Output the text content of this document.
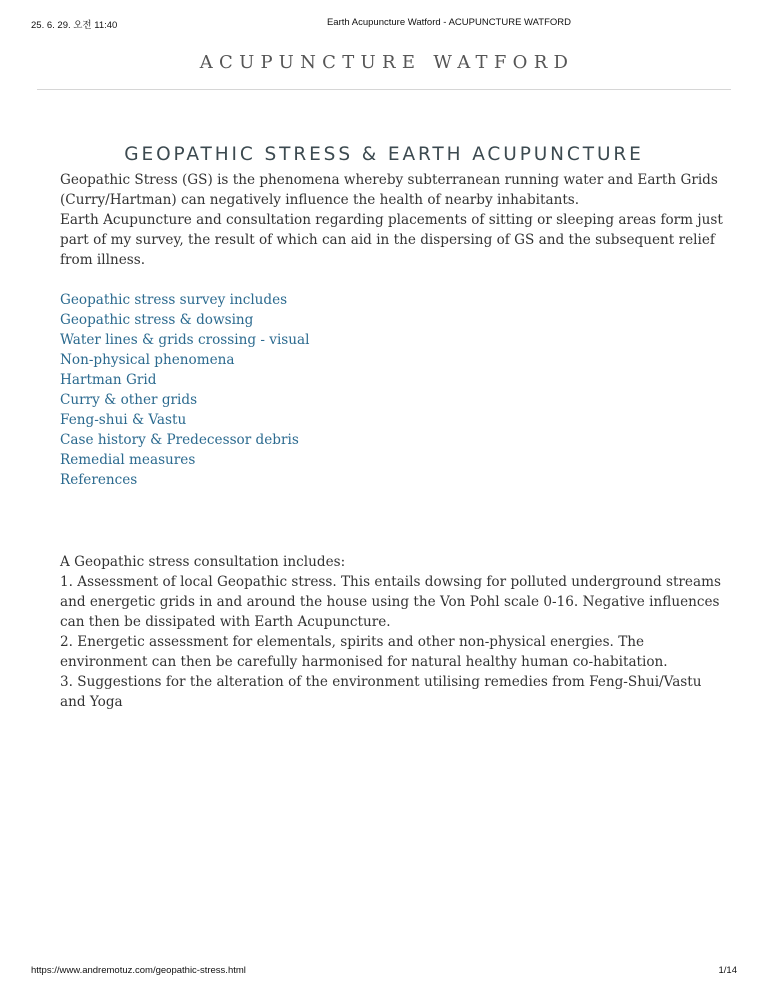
25. 6. 29. 오전 11:40	Earth Acupuncture Watford - ACUPUNCTURE WATFORD
ACUPUNCTURE WATFORD
GEOPATHIC STRESS & EARTH ACUPUNCTURE

Geopathic Stress (GS) is the phenomena whereby subterranean running water and Earth Grids (Curry/Hartman) can negatively influence the health of nearby inhabitants.

Earth Acupuncture and consultation regarding placements of sitting or sleeping areas form just part of my survey, the result of which can aid in the dispersing of GS and the subsequent relief from illness.

Geopathic stress survey includes
Geopathic stress & dowsing
Water lines & grids crossing - visual
Non-physical phenomena
Hartman Grid
Curry & other grids
Feng-shui & Vastu
Case history & Predecessor debris
Remedial measures
References

A Geopathic stress consultation includes:

1. Assessment of local Geopathic stress. This entails dowsing for polluted underground streams and energetic grids in and around the house using the Von Pohl scale 0-16. Negative influences can then be dissipated with Earth Acupuncture.

2. Energetic assessment for elementals, spirits and other non-physical energies. The environment can then be carefully harmonised for natural healthy human co-habitation.

3. Suggestions for the alteration of the environment utilising remedies from Feng-Shui/Vastu and Yoga

https://www.andremotuz.com/geopathic-stress.html	1/14
